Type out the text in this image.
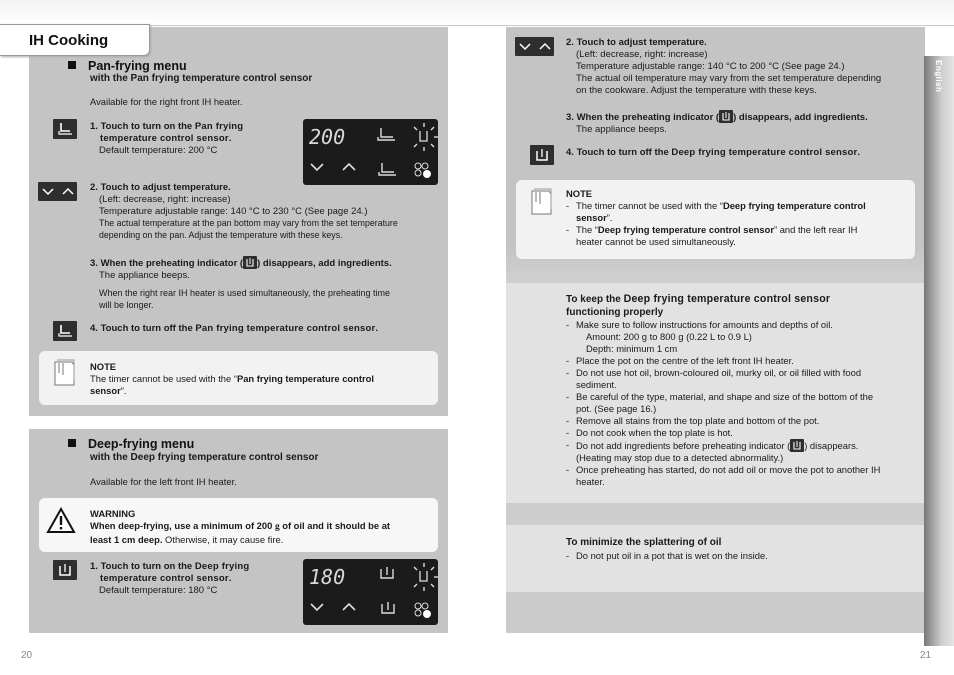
IH Cooking
Pan-frying menu
with the Pan frying temperature control sensor
Available for the right front IH heater.
1. Touch to turn on the Pan frying
temperature control sensor.
Default temperature: 200 °C
200
2. Touch to adjust temperature.
(Left: decrease, right: increase)
Temperature adjustable range: 140 °C to 230 °C (See page 24.)
The actual temperature at the pan bottom may vary from the set temperature
depending on the pan. Adjust the temperature with these keys.
3. When the preheating indicator ( ) disappears, add ingredients.
The appliance beeps.

When the right rear IH heater is used simultaneously, the preheating time
will be longer.
4. Touch to turn off the Pan frying temperature control sensor.
NOTE
The timer cannot be used with the “Pan frying temperature control
sensor”.
Deep-frying menu
with the Deep frying temperature control sensor
Available for the left front IH heater.
WARNING
When deep-frying, use a minimum of 200 g of oil and it should be at
least 1 cm deep. Otherwise, it may cause fire.
1. Touch to turn on the Deep frying
temperature control sensor.
Default temperature: 180 °C
180
20
English
2. Touch to adjust temperature.
(Left: decrease, right: increase)
Temperature adjustable range: 140 °C to 200 °C (See page 24.)
The actual oil temperature may vary from the set temperature depending
on the cookware. Adjust the temperature with these keys.
3. When the preheating indicator ( ) disappears, add ingredients.
The appliance beeps.
4. Touch to turn off the Deep frying temperature control sensor.
NOTE
- The timer cannot be used with the “Deep frying temperature control
sensor”.
- The “Deep frying temperature control sensor” and the left rear IH
heater cannot be used simultaneously.
To keep the Deep frying temperature control sensor
functioning properly
- Make sure to follow instructions for amounts and depths of oil.
Amount: 200 g to 800 g (0.22 L to 0.9 L)
Depth: minimum 1 cm
- Place the pot on the centre of the left front IH heater.
- Do not use hot oil, brown-coloured oil, murky oil, or oil filled with food
sediment.
- Be careful of the type, material, and shape and size of the bottom of the
pot. (See page 16.)
- Remove all stains from the top plate and bottom of the pot.
- Do not cook when the top plate is hot.
- Do not add ingredients before preheating indicator ( ) disappears.
(Heating may stop due to a detected abnormality.)
- Once preheating has started, do not add oil or move the pot to another IH
heater.
To minimize the splattering of oil
- Do not put oil in a pot that is wet on the inside.
21
